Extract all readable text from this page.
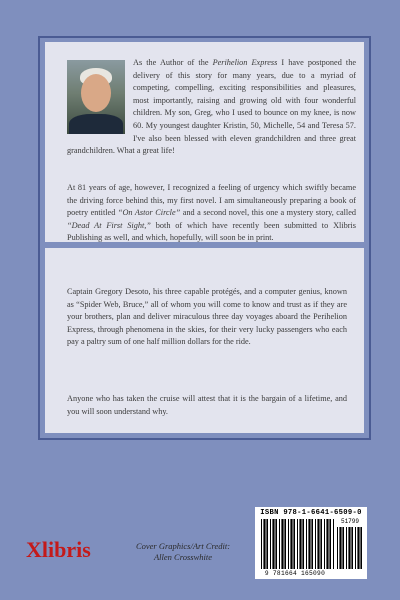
As the Author of the Perihelion Express I have postponed the delivery of this story for many years, due to a myriad of competing, compelling, exciting responsibilities and pleasures, most importantly, raising and growing old with four wonderful children. My son, Greg, who I used to bounce on my knee, is now 60. My youngest daughter Kristin, 50, Michelle, 54 and Teresa 57. I've also been blessed with eleven grandchildren and three great grandchildren. What a great life!
At 81 years of age, however, I recognized a feeling of urgency which swiftly became the driving force behind this, my first novel. I am simultaneously preparing a book of poetry entitled “On Astor Circle” and a second novel, this one a mystery story, called “Dead At First Sight,” both of which have recently been submitted to Xlibris Publishing as well, and which, hopefully, will soon be in print.
Captain Gregory Desoto, his three capable protégés, and a computer genius, known as “Spider Web, Bruce,” all of whom you will come to know and trust as if they are your brothers, plan and deliver miraculous three day voyages aboard the Perihelion Express, through phenomena in the skies, for their very lucky passengers who each pay a paltry sum of one half million dollars for the ride.
Anyone who has taken the cruise will attest that it is the bargain of a lifetime, and you will soon understand why.
Xlibris	Cover Graphics/Art Credit:
Allen Crosswhite
ISBN 978-1-6641-6509-0
51799
9 781664 165090
